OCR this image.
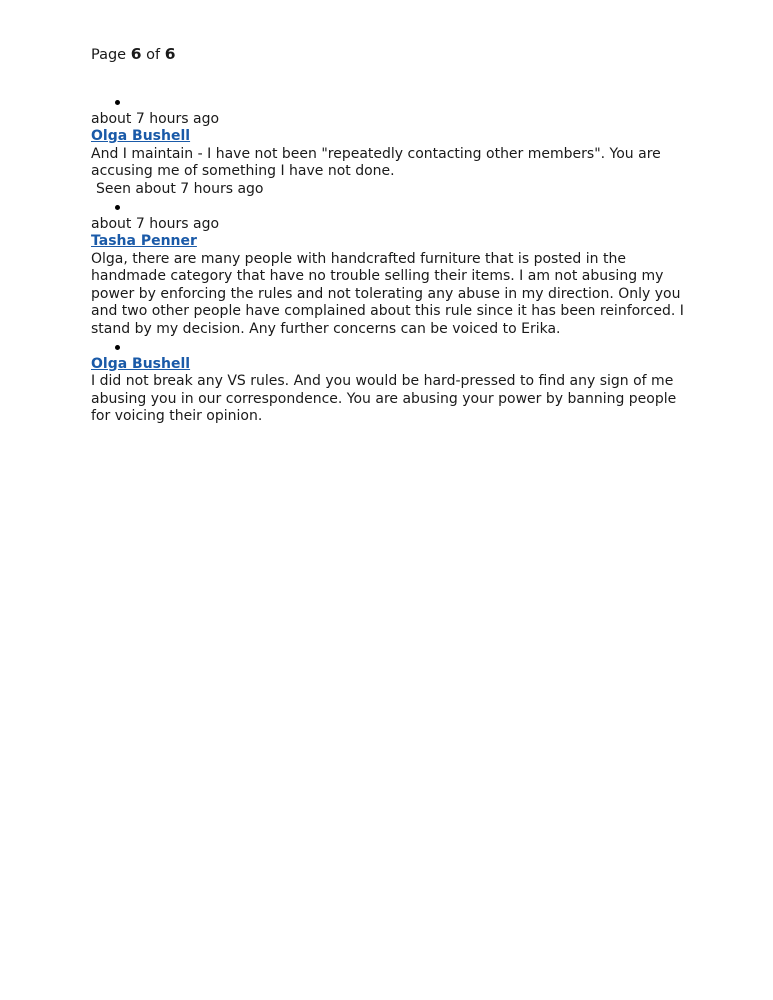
Page 6 of 6
about 7 hours ago
Olga Bushell
And I maintain - I have not been "repeatedly contacting other members". You are accusing me of something I have not done.
Seen about 7 hours ago
about 7 hours ago
Tasha Penner
Olga, there are many people with handcrafted furniture that is posted in the handmade category that have no trouble selling their items. I am not abusing my power by enforcing the rules and not tolerating any abuse in my direction. Only you and two other people have complained about this rule since it has been reinforced. I stand by my decision. Any further concerns can be voiced to Erika.
Olga Bushell
I did not break any VS rules. And you would be hard-pressed to find any sign of me abusing you in our correspondence. You are abusing your power by banning people for voicing their opinion.
